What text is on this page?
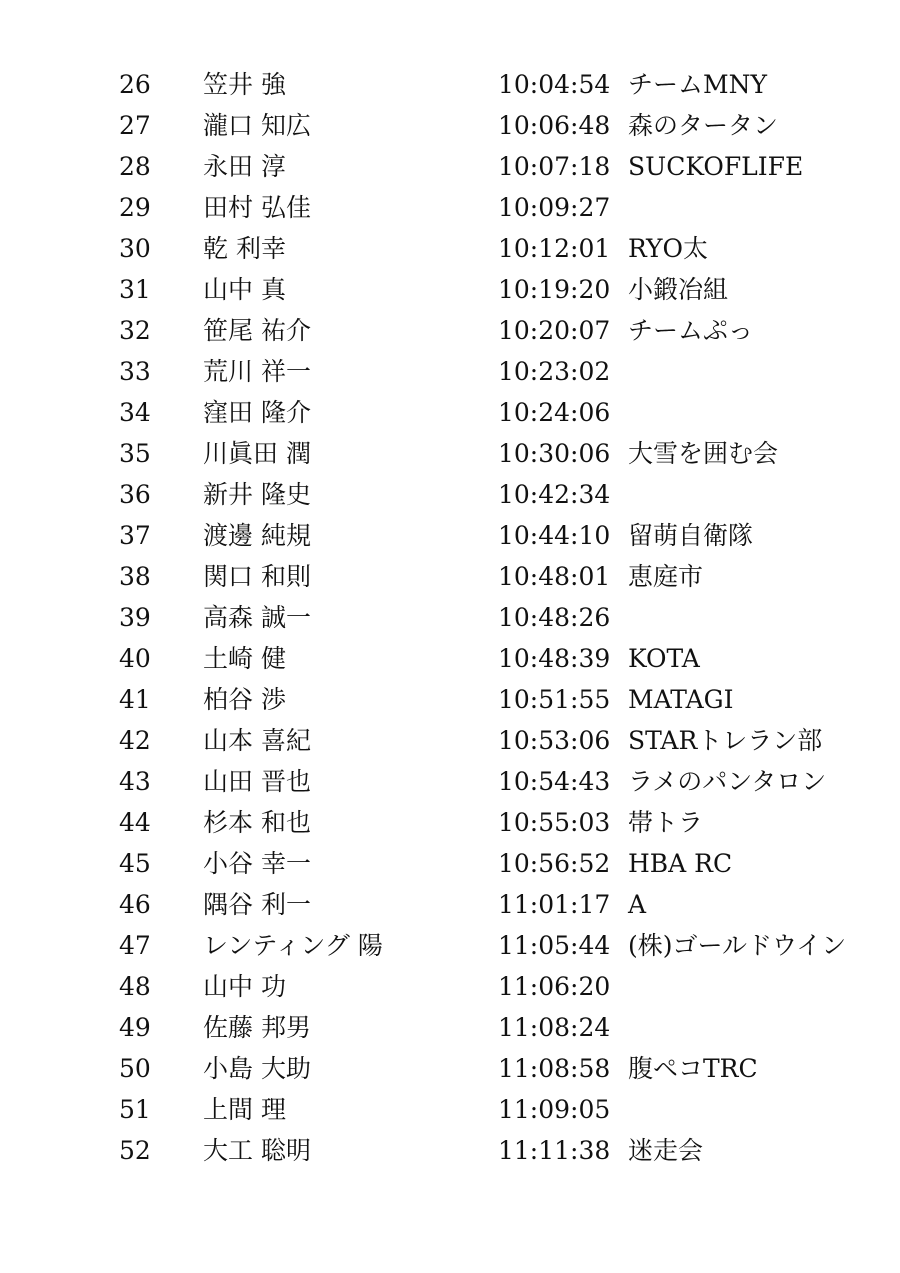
26 笠井 強	10:04:54 チームMNY
27 瀧口 知広	10:06:48 森のタータン
28 永田 淳	10:07:18 SUCKOFLIFE
29 田村 弘佳	10:09:27
30 乾 利幸	10:12:01 RYO太
31 山中 真	10:19:20 小鍛冶組
32 笹尾 祐介	10:20:07 チームぷっ
33 荒川 祥一	10:23:02
34 窪田 隆介	10:24:06
35 川眞田 潤	10:30:06 大雪を囲む会
36 新井 隆史	10:42:34
37 渡邊 純規	10:44:10 留萌自衛隊
38 関口 和則	10:48:01 恵庭市
39 高森 誠一	10:48:26
40 土崎 健	10:48:39 KOTA
41 柏谷 渉	10:51:55 MATAGI
42 山本 喜紀	10:53:06 STARトレラン部
43 山田 晋也	10:54:43 ラメのパンタロン
44 杉本 和也	10:55:03 帯トラ
45 小谷 幸一	10:56:52 HBA RC
46 隅谷 利一	11:01:17 A
47 レンティング 陽	11:05:44 (株)ゴールドウイン
48 山中 功	11:06:20
49 佐藤 邦男	11:08:24
50 小島 大助	11:08:58 腹ペコTRC
51 上間 理	11:09:05
52 大工 聡明	11:11:38 迷走会
